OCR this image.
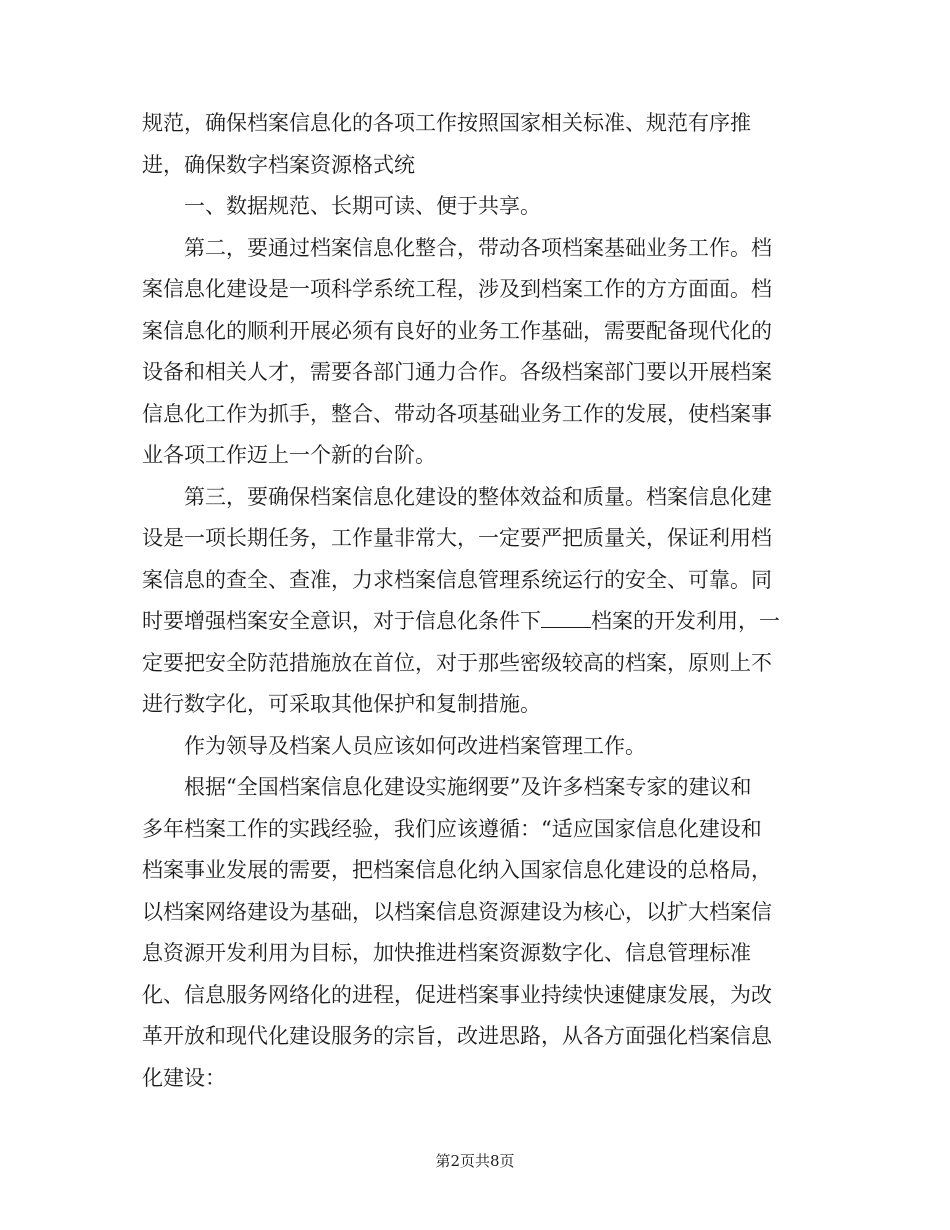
规范，确保档案信息化的各项工作按照国家相关标准、规范有序推
进，确保数字档案资源格式统
一、数据规范、长期可读、便于共享。
第二，要通过档案信息化整合，带动各项档案基础业务工作。档
案信息化建设是一项科学系统工程，涉及到档案工作的方方面面。档
案信息化的顺利开展必须有良好的业务工作基础，需要配备现代化的
设备和相关人才，需要各部门通力合作。各级档案部门要以开展档案
信息化工作为抓手，整合、带动各项基础业务工作的发展，使档案事
业各项工作迈上一个新的台阶。
第三，要确保档案信息化建设的整体效益和质量。档案信息化建
设是一项长期任务，工作量非常大，一定要严把质量关，保证利用档
案信息的查全、查准，力求档案信息管理系统运行的安全、可靠。同
时要增强档案安全意识，对于信息化条件下 档案的开发利用，一
定要把安全防范措施放在首位，对于那些密级较高的档案，原则上不
进行数字化，可采取其他保护和复制措施。
作为领导及档案人员应该如何改进档案管理工作。
根据“全国档案信息化建设实施纲要”及许多档案专家的建议和
多年档案工作的实践经验，我们应该遵循：“适应国家信息化建设和
档案事业发展的需要，把档案信息化纳入国家信息化建设的总格局，
以档案网络建设为基础，以档案信息资源建设为核心，以扩大档案信
息资源开发利用为目标，加快推进档案资源数字化、信息管理标准
化、信息服务网络化的进程，促进档案事业持续快速健康发展，为改
革开放和现代化建设服务的宗旨，改进思路，从各方面强化档案信息
化建设：
第2页共8页
